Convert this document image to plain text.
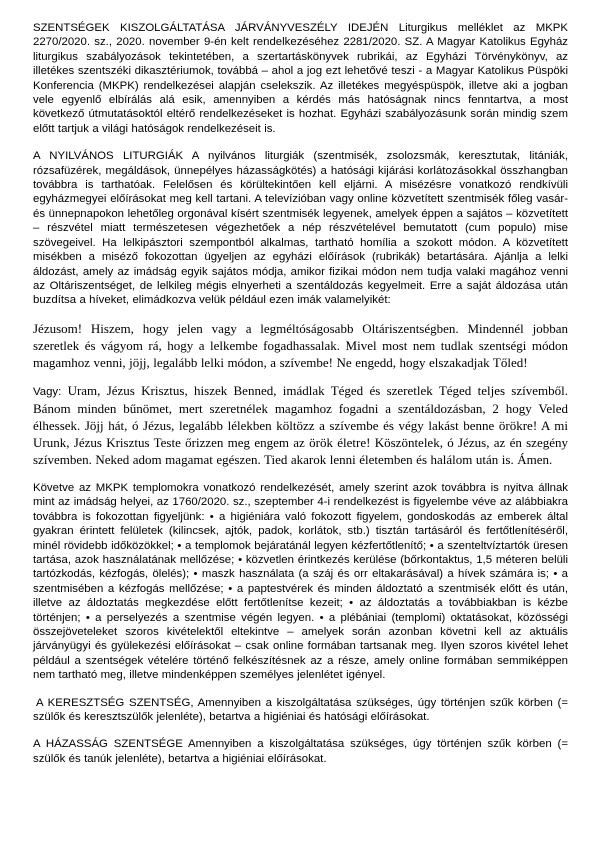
SZENTSÉGEK KISZOLGÁLTATÁSA JÁRVÁNYVESZÉLY IDEJÉN Liturgikus melléklet az MKPK 2270/2020. sz., 2020. november 9-én kelt rendelkezéséhez 2281/2020. SZ. A Magyar Katolikus Egyház liturgikus szabályozások tekintetében, a szertartáskönyvek rubrikái, az Egyházi Törvénykönyv, az illetékes szentszéki dikasztériumok, továbbá – ahol a jog ezt lehetővé teszi - a Magyar Katolikus Püspöki Konferencia (MKPK) rendelkezései alapján cselekszik. Az illetékes megyéspüspök, illetve aki a jogban vele egyenlő elbírálás alá esik, amennyiben a kérdés más hatóságnak nincs fenntartva, a most következő útmutatásoktól eltérő rendelkezéseket is hozhat. Egyházi szabályozásunk során mindig szem előtt tartjuk a világi hatóságok rendelkezéseit is.

A NYILVÁNOS LITURGIÁK A nyilvános liturgiák (szentmisék, zsolozsmák, keresztutak, litániák, rózsafüzérek, megáldások, ünnepélyes házasságkötés) a hatósági kijárási korlátozásokkal összhangban továbbra is tarthatóak. Felelősen és körültekintően kell eljárni. A misézésre vonatkozó rendkívüli egyházmegyei előírásokat meg kell tartani. A televízióban vagy online közvetített szentmisék főleg vasár- és ünnepnapokon lehetőleg orgonával kísért szentmisék legyenek, amelyek éppen a sajátos – közvetített – részvétel miatt természetesen végezhetőek a nép részvételével bemutatott (cum populo) mise szövegeivel. Ha lelkipásztori szempontból alkalmas, tartható homília a szokott módon. A közvetített misékben a miséző fokozottan ügyeljen az egyházi előírások (rubrikák) betartására. Ajánlja a lelki áldozást, amely az imádság egyik sajátos módja, amikor fizikai módon nem tudja valaki magához venni az Oltáriszentséget, de lelkileg mégis elnyerheti a szentáldozás kegyelmeit. Erre a saját áldozása után buzdítsa a híveket, elimádkozva velük például ezen imák valamelyikét:

Jézusom! Hiszem, hogy jelen vagy a legméltóságosabb Oltáriszentségben. Mindennél jobban szeretlek és vágyom rá, hogy a lelkembe fogadhassalak. Mivel most nem tudlak szentségi módon magamhoz venni, jöjj, legalább lelki módon, a szívembe! Ne engedd, hogy elszakadjak Tőled!

Vagy: Uram, Jézus Krisztus, hiszek Benned, imádlak Téged és szeretlek Téged teljes szívemből. Bánom minden bűnömet, mert szeretnélek magamhoz fogadni a szentáldozásban, 2 hogy Veled élhessek. Jöjj hát, ó Jézus, legalább lélekben költözz a szívembe és végy lakást benne örökre! A mi Urunk, Jézus Krisztus Teste őrizzen meg engem az örök életre! Köszöntelek, ó Jézus, az én szegény szívemben. Neked adom magamat egészen. Tied akarok lenni életemben és halálom után is. Ámen.

Követve az MKPK templomokra vonatkozó rendelkezését, amely szerint azok továbbra is nyitva állnak mint az imádság helyei, az 1760/2020. sz., szeptember 4-i rendelkezést is figyelembe véve az alábbiakra továbbra is fokozottan figyeljünk: • a higiéniára való fokozott figyelem, gondoskodás az emberek által gyakran érintett felületek (kilincsek, ajtók, padok, korlátok, stb.) tisztán tartásáról és fertőtlenítéséről, minél rövidebb időközökkel; • a templomok bejáratánál legyen kézfertőtlenítő; • a szenteltvíztartók üresen tartása, azok használatának mellőzése; • közvetlen érintkezés kerülése (bőrkontaktus, 1,5 méteren belüli tartózkodás, kézfogás, ölelés); • maszk használata (a száj és orr eltakarásával) a hívek számára is; • a szentmisében a kézfogás mellőzése; • a paptestvérek és minden áldoztató a szentmisék előtt és után, illetve az áldoztatás megkezdése előtt fertőtlenítse kezeit; • az áldoztatás a továbbiakban is kézbe történjen; • a perselyezés a szentmise végén legyen. • a plébániai (templomi) oktatásokat, közösségi összejöveteleket szoros kivételektől eltekintve – amelyek során azonban követni kell az aktuális járványügyi és gyülekezési előírásokat – csak online formában tartsanak meg. Ilyen szoros kivétel lehet például a szentségek vételére történő felkészítésnek az a része, amely online formában semmiképpen nem tartható meg, illetve mindenképpen személyes jelenlétet igényel.

A KERESZTSÉG SZENTSÉG, Amennyiben a kiszolgáltatása szükséges, úgy történjen szűk körben (= szülők és keresztszülők jelenléte), betartva a higiéniai és hatósági előírásokat.

A HÁZASSÁG SZENTSÉGE Amennyiben a kiszolgáltatása szükséges, úgy történjen szűk körben (= szülők és tanúk jelenléte), betartva a higiéniai előírásokat.
